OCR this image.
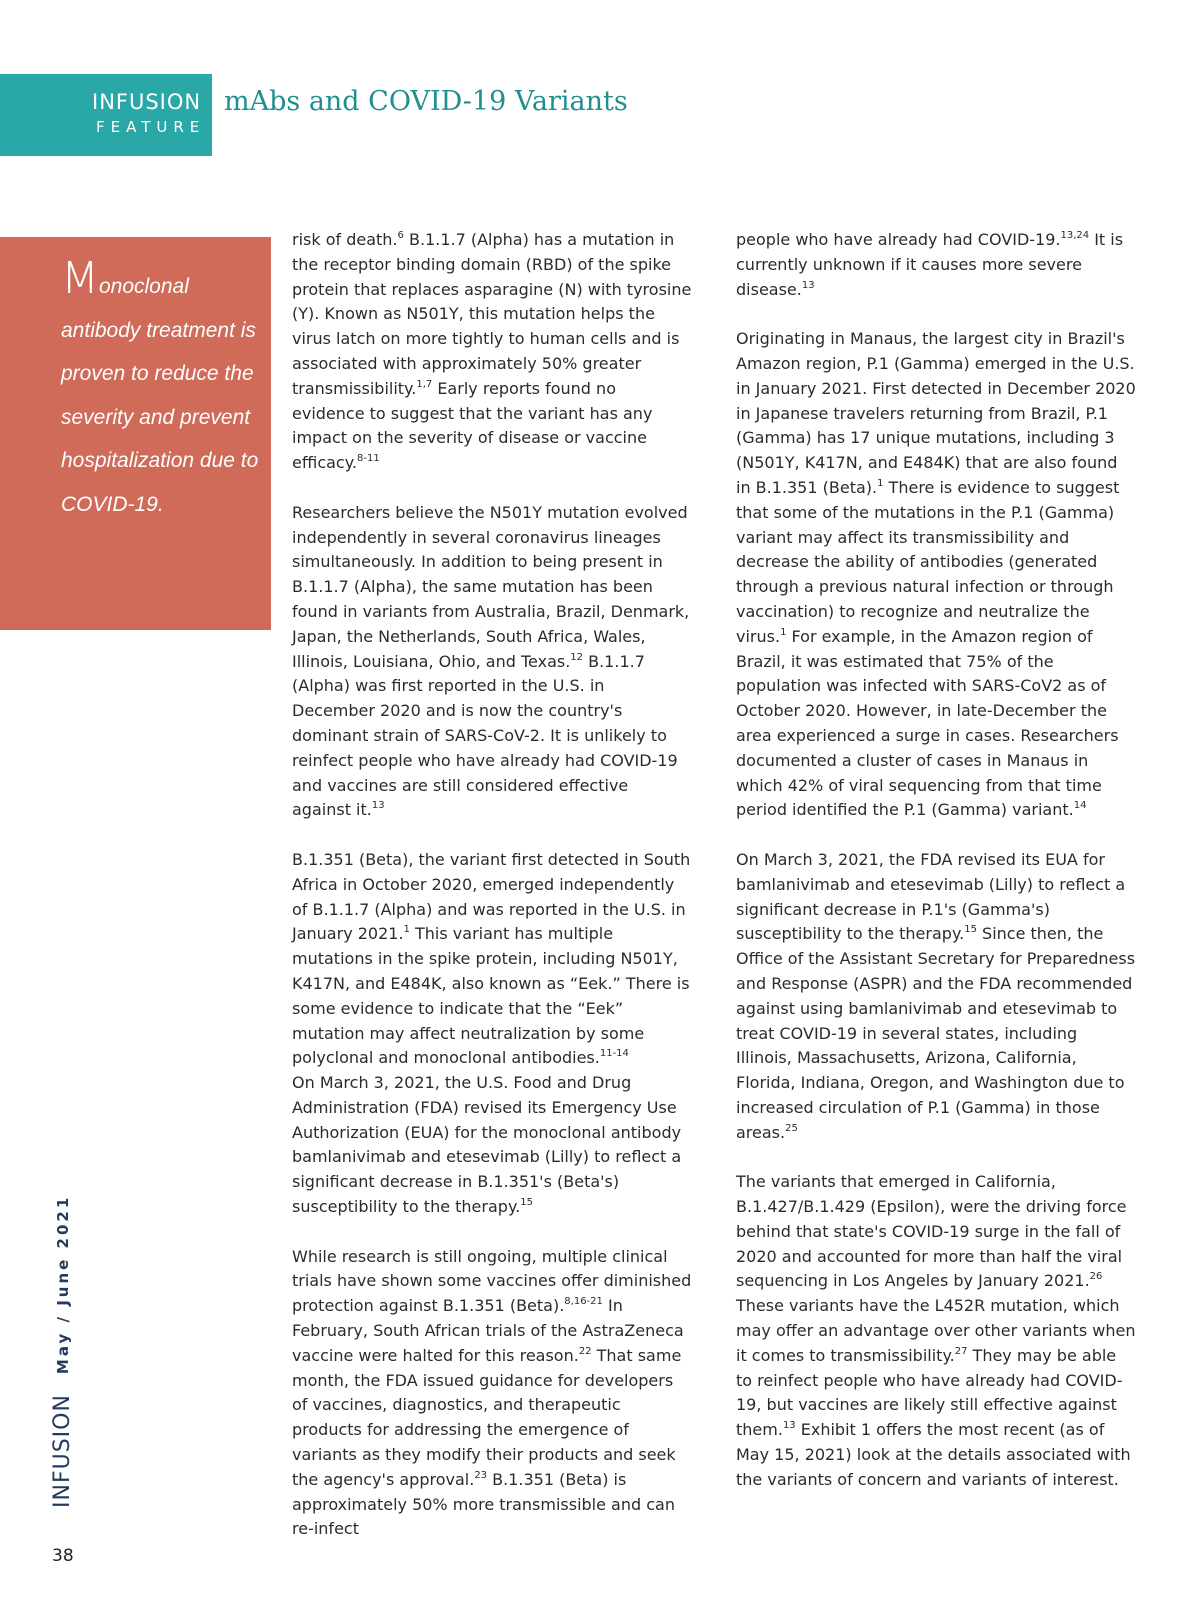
INFUSION
FEATURE
mAbs and COVID-19 Variants
Monoclonal antibody treatment is proven to reduce the severity and prevent hospitalization due to COVID-19.

risk of death.$^6$ B.1.1.7 (Alpha) has a mutation in the receptor binding domain (RBD) of the spike protein that replaces asparagine (N) with tyrosine (Y). Known as N501Y, this mutation helps the virus latch on more tightly to human cells and is associated with approximately 50% greater transmissibility.$^{1,7}$ Early reports found no evidence to suggest that the variant has any impact on the severity of disease or vaccine efficacy.$^{8-11}$

Researchers believe the N501Y mutation evolved independently in several coronavirus lineages simultaneously. In addition to being present in B.1.1.7 (Alpha), the same mutation has been found in variants from Australia, Brazil, Denmark, Japan, the Netherlands, South Africa, Wales, Illinois, Louisiana, Ohio, and Texas.$^{12}$ B.1.1.7 (Alpha) was first reported in the U.S. in December 2020 and is now the country's dominant strain of SARS-CoV-2. It is unlikely to reinfect people who have already had COVID-19 and vaccines are still considered effective against it.$^{13}$

B.1.351 (Beta), the variant first detected in South Africa in October 2020, emerged independently of B.1.1.7 (Alpha) and was reported in the U.S. in January 2021.$^1$ This variant has multiple mutations in the spike protein, including N501Y, K417N, and E484K, also known as “Eek.” There is some evidence to indicate that the “Eek” mutation may affect neutralization by some polyclonal and monoclonal antibodies.$^{11-14}$

On March 3, 2021, the U.S. Food and Drug Administration (FDA) revised its Emergency Use Authorization (EUA) for the monoclonal antibody bamlanivimab and etesevimab (Lilly) to reflect a significant decrease in B.1.351's (Beta's) susceptibility to the therapy.$^{15}$

While research is still ongoing, multiple clinical trials have shown some vaccines offer diminished protection against B.1.351 (Beta).$^{8,16-21}$ In February, South African trials of the AstraZeneca vaccine were halted for this reason.$^{22}$ That same month, the FDA issued guidance for developers of vaccines, diagnostics, and therapeutic products for addressing the emergence of variants as they modify their products and seek the agency's approval.$^{23}$ B.1.351 (Beta) is approximately 50% more transmissible and can re-infect

people who have already had COVID-19.$^{13,24}$ It is currently unknown if it causes more severe disease.$^{13}$

Originating in Manaus, the largest city in Brazil's Amazon region, P.1 (Gamma) emerged in the U.S. in January 2021. First detected in December 2020 in Japanese travelers returning from Brazil, P.1 (Gamma) has 17 unique mutations, including 3 (N501Y, K417N, and E484K) that are also found in B.1.351 (Beta).$^1$ There is evidence to suggest that some of the mutations in the P.1 (Gamma) variant may affect its transmissibility and decrease the ability of antibodies (generated through a previous natural infection or through vaccination) to recognize and neutralize the virus.$^1$ For example, in the Amazon region of Brazil, it was estimated that 75% of the population was infected with SARS-CoV2 as of October 2020. However, in late-December the area experienced a surge in cases. Researchers documented a cluster of cases in Manaus in which 42% of viral sequencing from that time period identified the P.1 (Gamma) variant.$^{14}$

On March 3, 2021, the FDA revised its EUA for bamlanivimab and etesevimab (Lilly) to reflect a significant decrease in P.1's (Gamma's) susceptibility to the therapy.$^{15}$ Since then, the Office of the Assistant Secretary for Preparedness and Response (ASPR) and the FDA recommended against using bamlanivimab and etesevimab to treat COVID-19 in several states, including Illinois, Massachusetts, Arizona, California, Florida, Indiana, Oregon, and Washington due to increased circulation of P.1 (Gamma) in those areas.$^{25}$

The variants that emerged in California, B.1.427/B.1.429 (Epsilon), were the driving force behind that state's COVID-19 surge in the fall of 2020 and accounted for more than half the viral sequencing in Los Angeles by January 2021.26 These variants have the L452R mutation, which may offer an advantage over other variants when it comes to transmissibility.$^{27}$ They may be able to reinfect people who have already had COVID-19, but vaccines are likely still effective against them.$^{13}$ Exhibit 1 offers the most recent (as of May 15, 2021) look at the details associated with the variants of concern and variants of interest.

INFUSION
May / June 2021
38
